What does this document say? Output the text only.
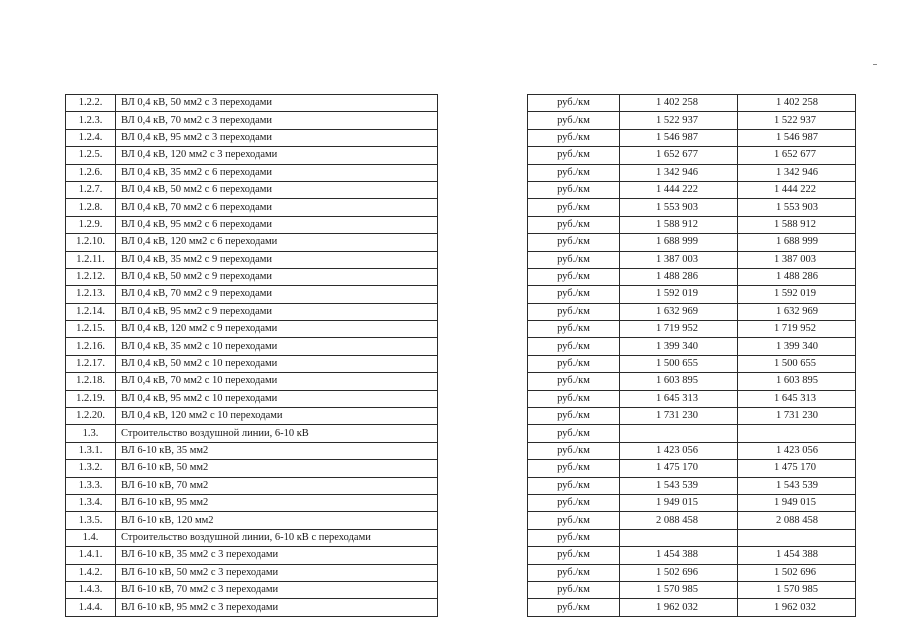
1.2.2.	ВЛ 0,4 кВ, 50 мм2 с 3 переходами
1.2.3.	ВЛ 0,4 кВ, 70 мм2 с 3 переходами
1.2.4.	ВЛ 0,4 кВ, 95 мм2 с 3 переходами
1.2.5.	ВЛ 0,4 кВ, 120 мм2 с 3 переходами
1.2.6.	ВЛ 0,4 кВ, 35 мм2 с 6 переходами
1.2.7.	ВЛ 0,4 кВ, 50 мм2 с 6 переходами
1.2.8.	ВЛ 0,4 кВ, 70 мм2 с 6 переходами
1.2.9.	ВЛ 0,4 кВ, 95 мм2 с 6 переходами
1.2.10.	ВЛ 0,4 кВ, 120 мм2 с 6 переходами
1.2.11.	ВЛ 0,4 кВ, 35 мм2 с 9 переходами
1.2.12.	ВЛ 0,4 кВ, 50 мм2 с 9 переходами
1.2.13.	ВЛ 0,4 кВ, 70 мм2 с 9 переходами
1.2.14.	ВЛ 0,4 кВ, 95 мм2 с 9 переходами
1.2.15.	ВЛ 0,4 кВ, 120 мм2 с 9 переходами
1.2.16.	ВЛ 0,4 кВ, 35 мм2 с 10 переходами
1.2.17.	ВЛ 0,4 кВ, 50 мм2 с 10 переходами
1.2.18.	ВЛ 0,4 кВ, 70 мм2 с 10 переходами
1.2.19.	ВЛ 0,4 кВ, 95 мм2 с 10 переходами
1.2.20.	ВЛ 0,4 кВ, 120 мм2 с 10 переходами
1.3.	Строительство воздушной линии, 6-10 кВ
1.3.1.	ВЛ 6-10 кВ, 35 мм2
1.3.2.	ВЛ 6-10 кВ, 50 мм2
1.3.3.	ВЛ 6-10 кВ, 70 мм2
1.3.4.	ВЛ 6-10 кВ, 95 мм2
1.3.5.	ВЛ 6-10 кВ, 120 мм2
1.4.	Строительство воздушной линии, 6-10 кВ с переходами
1.4.1.	ВЛ 6-10 кВ, 35 мм2 с 3 переходами
1.4.2.	ВЛ 6-10 кВ, 50 мм2 с 3 переходами
1.4.3.	ВЛ 6-10 кВ, 70 мм2 с 3 переходами
1.4.4.	ВЛ 6-10 кВ, 95 мм2 с 3 переходами
руб./км	1 402 258	1 402 258
руб./км	1 522 937	1 522 937
руб./км	1 546 987	1 546 987
руб./км	1 652 677	1 652 677
руб./км	1 342 946	1 342 946
руб./км	1 444 222	1 444 222
руб./км	1 553 903	1 553 903
руб./км	1 588 912	1 588 912
руб./км	1 688 999	1 688 999
руб./км	1 387 003	1 387 003
руб./км	1 488 286	1 488 286
руб./км	1 592 019	1 592 019
руб./км	1 632 969	1 632 969
руб./км	1 719 952	1 719 952
руб./км	1 399 340	1 399 340
руб./км	1 500 655	1 500 655
руб./км	1 603 895	1 603 895
руб./км	1 645 313	1 645 313
руб./км	1 731 230	1 731 230
руб./км		
руб./км	1 423 056	1 423 056
руб./км	1 475 170	1 475 170
руб./км	1 543 539	1 543 539
руб./км	1 949 015	1 949 015
руб./км	2 088 458	2 088 458
руб./км		
руб./км	1 454 388	1 454 388
руб./км	1 502 696	1 502 696
руб./км	1 570 985	1 570 985
руб./км	1 962 032	1 962 032
